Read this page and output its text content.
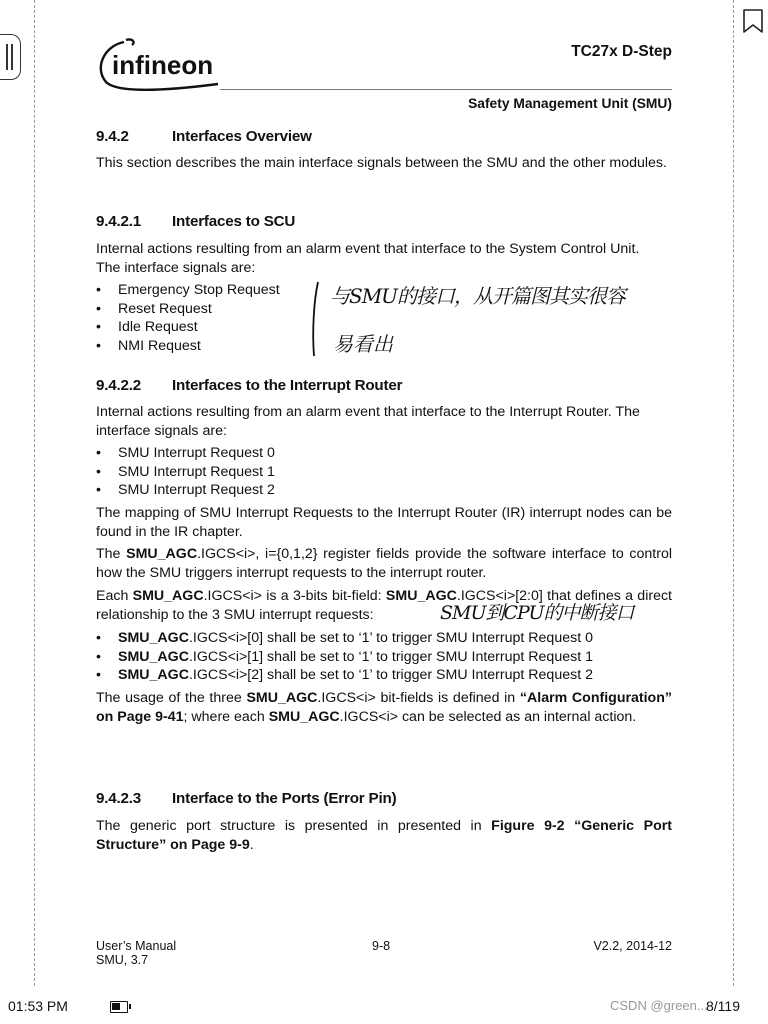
infineon	TC27x D-Step
Safety Management Unit (SMU)
9.4.2	Interfaces Overview

This section describes the main interface signals between the SMU and the other modules.

9.4.2.1 Interfaces to SCU

Internal actions resulting from an alarm event that interface to the System Control Unit.

The interface signals are:

• Emergency Stop Request
• Reset Request
• Idle Request
• NMI Request
与SMU的接口，从开篇图其实很容
易看出
9.4.2.2 Interfaces to the Interrupt Router

Internal actions resulting from an alarm event that interface to the Interrupt Router. The

interface signals are:

• SMU Interrupt Request 0
• SMU Interrupt Request 1
• SMU Interrupt Request 2

The mapping of SMU Interrupt Requests to the Interrupt Router (IR) interrupt nodes can be found in the IR chapter.

The SMU_AGC.IGCS<i>, i={0,1,2} register fields provide the software interface to control how the SMU triggers interrupt requests to the interrupt router.

Each SMU_AGC.IGCS<i> is a 3-bits bit-field: SMU_AGC.IGCS<i>[2:0] that defines a direct relationship to the 3 SMU interrupt requests:	SMU到CPU的中断接口
• SMU_AGC.IGCS<i>[0] shall be set to ‘1’ to trigger SMU Interrupt Request 0
• SMU_AGC.IGCS<i>[1] shall be set to ‘1’ to trigger SMU Interrupt Request 1
• SMU_AGC.IGCS<i>[2] shall be set to ‘1’ to trigger SMU Interrupt Request 2

The usage of the three SMU_AGC.IGCS<i> bit-fields is defined in “Alarm Configuration” on Page 9-41; where each SMU_AGC.IGCS<i> can be selected as an internal action.

9.4.2.3 Interface to the Ports (Error Pin)

The generic port structure is presented in presented in Figure 9-2 “Generic Port Structure” on Page 9-9.

User’s Manual
SMU, 3.7
9-8	V2.2, 2014-12
01:53 PM	CSDN @green...
8/119
